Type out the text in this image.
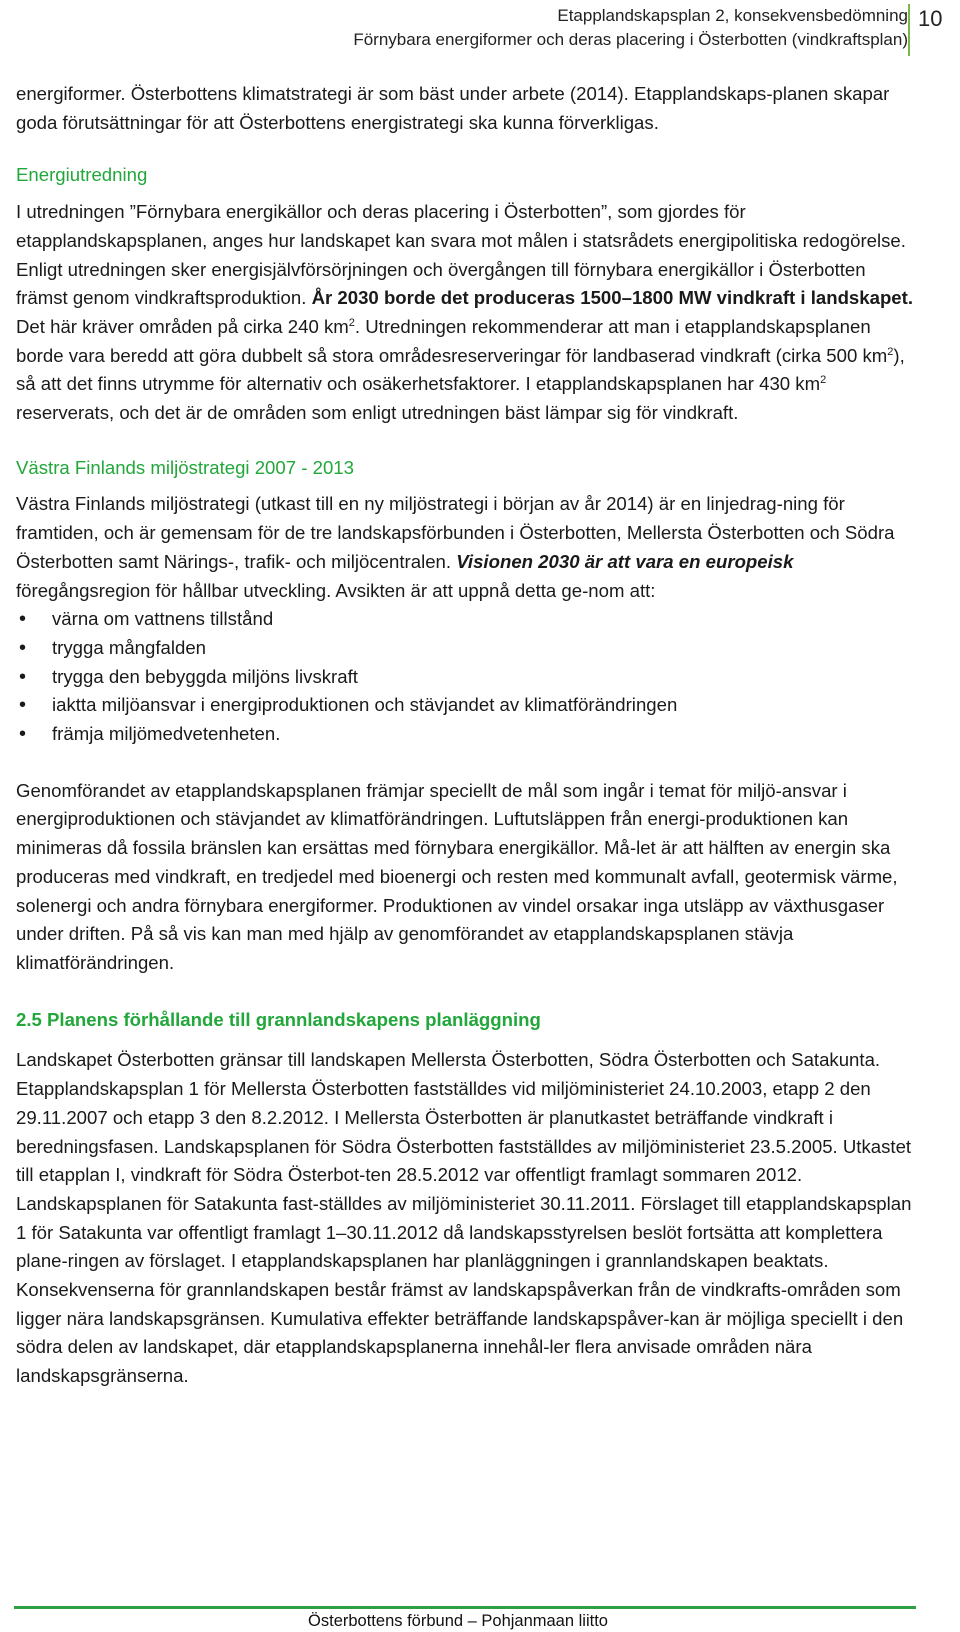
Etapplandskapsplan 2, konsekvensbedömning
Förnybara energiformer och deras placering i Österbotten (vindkraftsplan)
10

energiformer. Österbottens klimatstrategi är som bäst under arbete (2014). Etapplandskaps-planen skapar goda förutsättningar för att Österbottens energistrategi ska kunna förverkligas.

Energiutredning

I utredningen ”Förnybara energikällor och deras placering i Österbotten”, som gjordes för etapplandskapsplanen, anges hur landskapet kan svara mot målen i statsrådets energipolitiska redogörelse. Enligt utredningen sker energisjälvförsörjningen och övergången till förnybara energikällor i Österbotten främst genom vindkraftsproduktion. År 2030 borde det produceras 1500–1800 MW vindkraft i landskapet. Det här kräver områden på cirka 240 $km^2$. Utredningen rekommenderar att man i etapplandskapsplanen borde vara beredd att göra dubbelt så stora områdesreserveringar för landbaserad vindkraft (cirka 500 $km^2$), så att det finns utrymme för alternativ och osäkerhetsfaktorer. I etapplandskapsplanen har 430 $km^2$ reserverats, och det är de områden som enligt utredningen bäst lämpar sig för vindkraft.

Västra Finlands miljöstrategi 2007 - 2013

Västra Finlands miljöstrategi (utkast till en ny miljöstrategi i början av år 2014) är en linjedrag-ning för framtiden, och är gemensam för de tre landskapsförbunden i Österbotten, Mellersta Österbotten och Södra Österbotten samt Närings-, trafik- och miljöcentralen. Visionen 2030 är att vara en europeisk föregångsregion för hållbar utveckling. Avsikten är att uppnå detta ge-nom att:

• värna om vattnens tillstånd
• trygga mångfalden
• trygga den bebyggda miljöns livskraft
• iaktta miljöansvar i energiproduktionen och stävjandet av klimatförändringen
• främja miljömedvetenheten.

Genomförandet av etapplandskapsplanen främjar speciellt de mål som ingår i temat för miljö-ansvar i energiproduktionen och stävjandet av klimatförändringen. Luftutsläppen från energi-produktionen kan minimeras då fossila bränslen kan ersättas med förnybara energikällor. Må-let är att hälften av energin ska produceras med vindkraft, en tredjedel med bioenergi och resten med kommunalt avfall, geotermisk värme, solenergi och andra förnybara energiformer. Produktionen av vindel orsakar inga utsläpp av växthusgaser under driften. På så vis kan man med hjälp av genomförandet av etapplandskapsplanen stävja klimatförändringen.

2.5 Planens förhållande till grannlandskapens planläggning

Landskapet Österbotten gränsar till landskapen Mellersta Österbotten, Södra Österbotten och Satakunta. Etapplandskapsplan 1 för Mellersta Österbotten fastställdes vid miljöministeriet 24.10.2003, etapp 2 den 29.11.2007 och etapp 3 den 8.2.2012. I Mellersta Österbotten är planutkastet beträffande vindkraft i beredningsfasen. Landskapsplanen för Södra Österbotten fastställdes av miljöministeriet 23.5.2005. Utkastet till etapplan I, vindkraft för Södra Österbot-ten 28.5.2012 var offentligt framlagt sommaren 2012. Landskapsplanen för Satakunta fast-ställdes av miljöministeriet 30.11.2011. Förslaget till etapplandskapsplan 1 för Satakunta var offentligt framlagt 1–30.11.2012 då landskapsstyrelsen beslöt fortsätta att komplettera plane-ringen av förslaget. I etapplandskapsplanen har planläggningen i grannlandskapen beaktats. Konsekvenserna för grannlandskapen består främst av landskapspåverkan från de vindkrafts-områden som ligger nära landskapsgränsen. Kumulativa effekter beträffande landskapspåver-kan är möjliga speciellt i den södra delen av landskapet, där etapplandskapsplanerna innehål-ler flera anvisade områden nära landskapsgränserna.

Österbottens förbund – Pohjanmaan liitto
